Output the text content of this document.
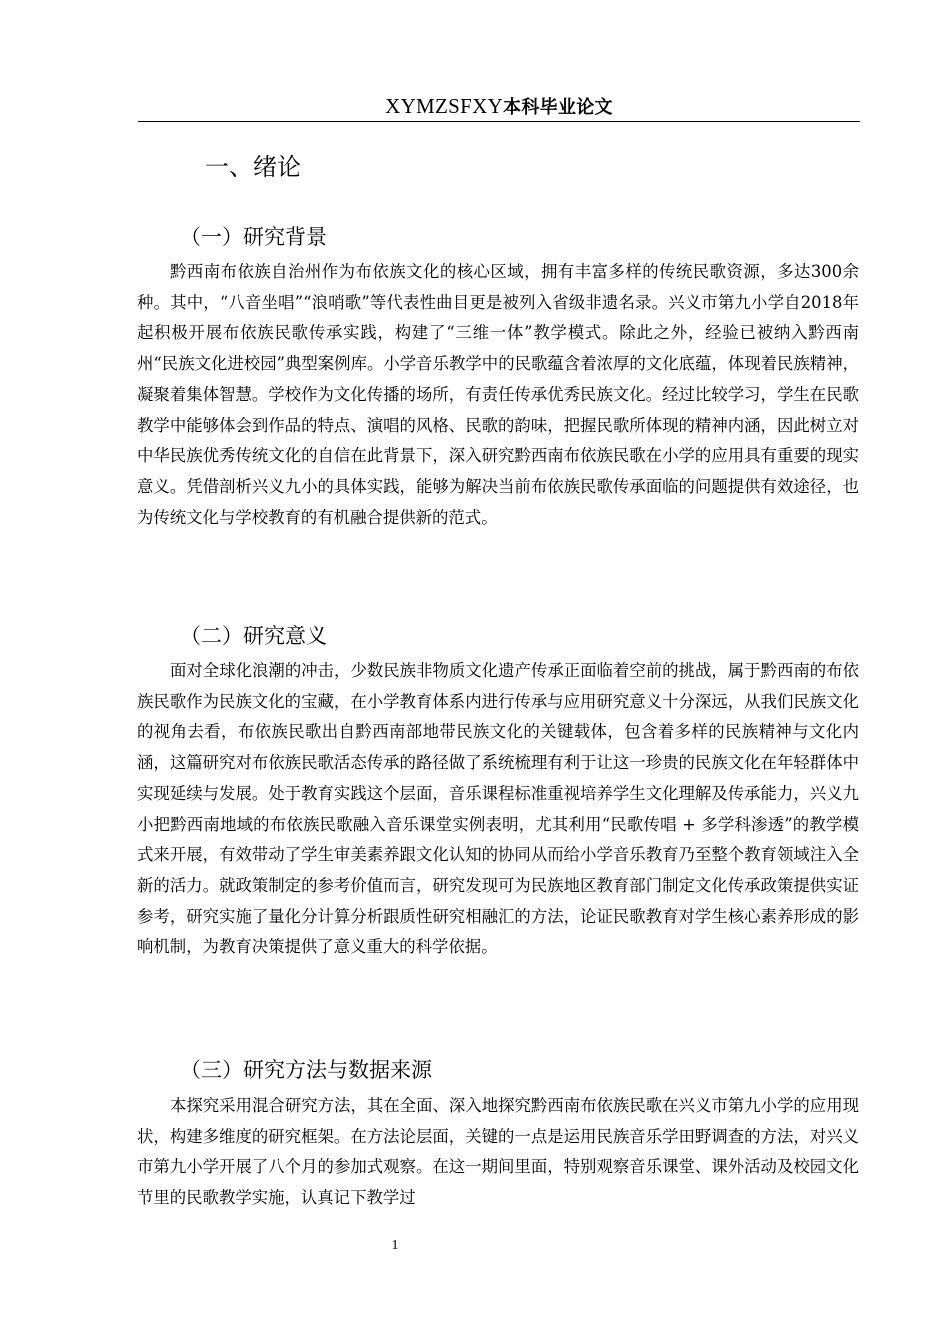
XYMZSFXY本科毕业论文
一、绪论
（一）研究背景

黔西南布依族自治州作为布依族文化的核心区域，拥有丰富多样的传统民歌资源，多达300余种。其中，“八音坐唱”“浪哨歌”等代表性曲目更是被列入省级非遗名录。兴义市第九小学自2018年起积极开展布依族民歌传承实践，构建了“三维一体”教学模式。除此之外，经验已被纳入黔西南州“民族文化进校园”典型案例库。小学音乐教学中的民歌蕴含着浓厚的文化底蕴，体现着民族精神，凝聚着集体智慧。学校作为文化传播的场所，有责任传承优秀民族文化。经过比较学习，学生在民歌教学中能够体会到作品的特点、演唱的风格、民歌的韵味，把握民歌所体现的精神内涵，因此树立对中华民族优秀传统文化的自信在此背景下，深入研究黔西南布依族民歌在小学的应用具有重要的现实意义。凭借剖析兴义九小的具体实践，能够为解决当前布依族民歌传承面临的问题提供有效途径，也为传统文化与学校教育的有机融合提供新的范式。

（二）研究意义

面对全球化浪潮的冲击，少数民族非物质文化遗产传承正面临着空前的挑战，属于黔西南的布依族民歌作为民族文化的宝藏，在小学教育体系内进行传承与应用研究意义十分深远，从我们民族文化的视角去看，布依族民歌出自黔西南部地带民族文化的关键载体，包含着多样的民族精神与文化内涵，这篇研究对布依族民歌活态传承的路径做了系统梳理有利于让这一珍贵的民族文化在年轻群体中实现延续与发展。处于教育实践这个层面，音乐课程标准重视培养学生文化理解及传承能力，兴义九小把黔西南地域的布依族民歌融入音乐课堂实例表明，尤其利用“民歌传唱 + 多学科渗透”的教学模式来开展，有效带动了学生审美素养跟文化认知的协同从而给小学音乐教育乃至整个教育领域注入全新的活力。就政策制定的参考价值而言，研究发现可为民族地区教育部门制定文化传承政策提供实证参考，研究实施了量化分计算分析跟质性研究相融汇的方法，论证民歌教育对学生核心素养形成的影响机制，为教育决策提供了意义重大的科学依据。

（三）研究方法与数据来源

本探究采用混合研究方法，其在全面、深入地探究黔西南布依族民歌在兴义市第九小学的应用现状，构建多维度的研究框架。在方法论层面，关键的一点是运用民族音乐学田野调查的方法，对兴义市第九小学开展了八个月的参加式观察。在这一期间里面，特别观察音乐课堂、课外活动及校园文化节里的民歌教学实施，认真记下教学过

1
